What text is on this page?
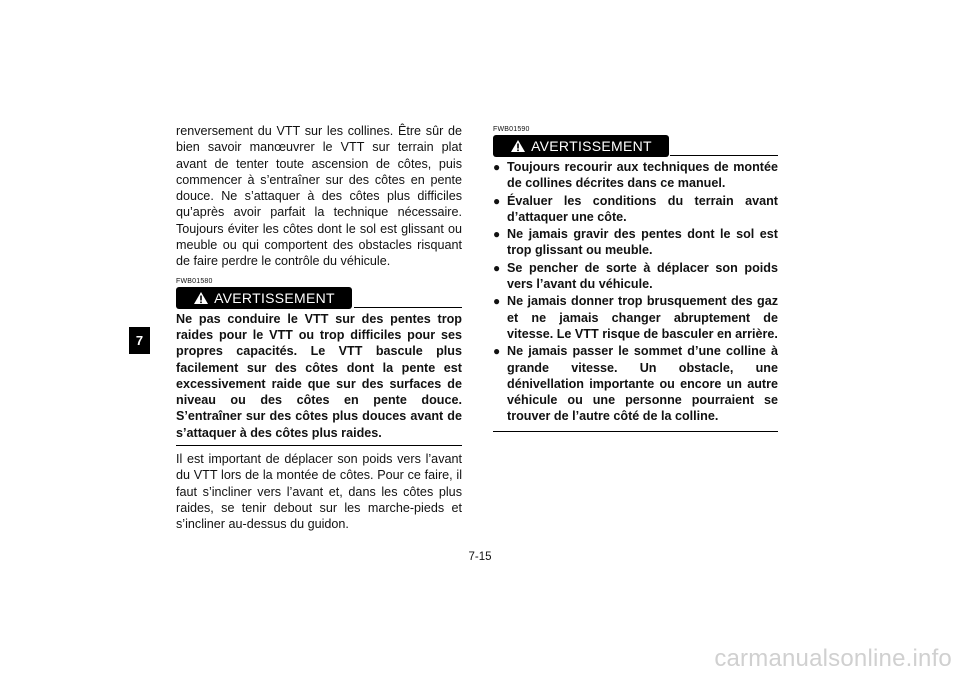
7

renversement du VTT sur les collines. Être sûr de bien savoir manœuvrer le VTT sur terrain plat avant de tenter toute ascension de côtes, puis commencer à s’entraîner sur des côtes en pente douce. Ne s’attaquer à des côtes plus difficiles qu’après avoir parfait la technique nécessaire. Toujours éviter les côtes dont le sol est glissant ou meuble ou qui comportent des obstacles risquant de faire perdre le contrôle du véhicule.

FWB01580

AVERTISSEMENT

Ne pas conduire le VTT sur des pentes trop raides pour le VTT ou trop difficiles pour ses propres capacités. Le VTT bascule plus facilement sur des côtes dont la pente est excessivement raide que sur des surfaces de niveau ou des côtes en pente douce. S’entraîner sur des côtes plus douces avant de s’attaquer à des côtes plus raides.

Il est important de déplacer son poids vers l’avant du VTT lors de la montée de côtes. Pour ce faire, il faut s’incliner vers l’avant et, dans les côtes plus raides, se tenir debout sur les marche-pieds et s’incliner au-dessus du guidon.

FWB01590

AVERTISSEMENT
● Toujours recourir aux techniques de montée de collines décrites dans ce manuel.
● Évaluer les conditions du terrain avant d’attaquer une côte.
● Ne jamais gravir des pentes dont le sol est trop glissant ou meuble.
● Se pencher de sorte à déplacer son poids vers l’avant du véhicule.
● Ne jamais donner trop brusquement des gaz et ne jamais changer abruptement de vitesse. Le VTT risque de basculer en arrière.
● Ne jamais passer le sommet d’une colline à grande vitesse. Un obstacle, une dénivellation importante ou encore un autre véhicule ou une personne pourraient se trouver de l’autre côté de la colline.
7-15
carmanualsonline.info
